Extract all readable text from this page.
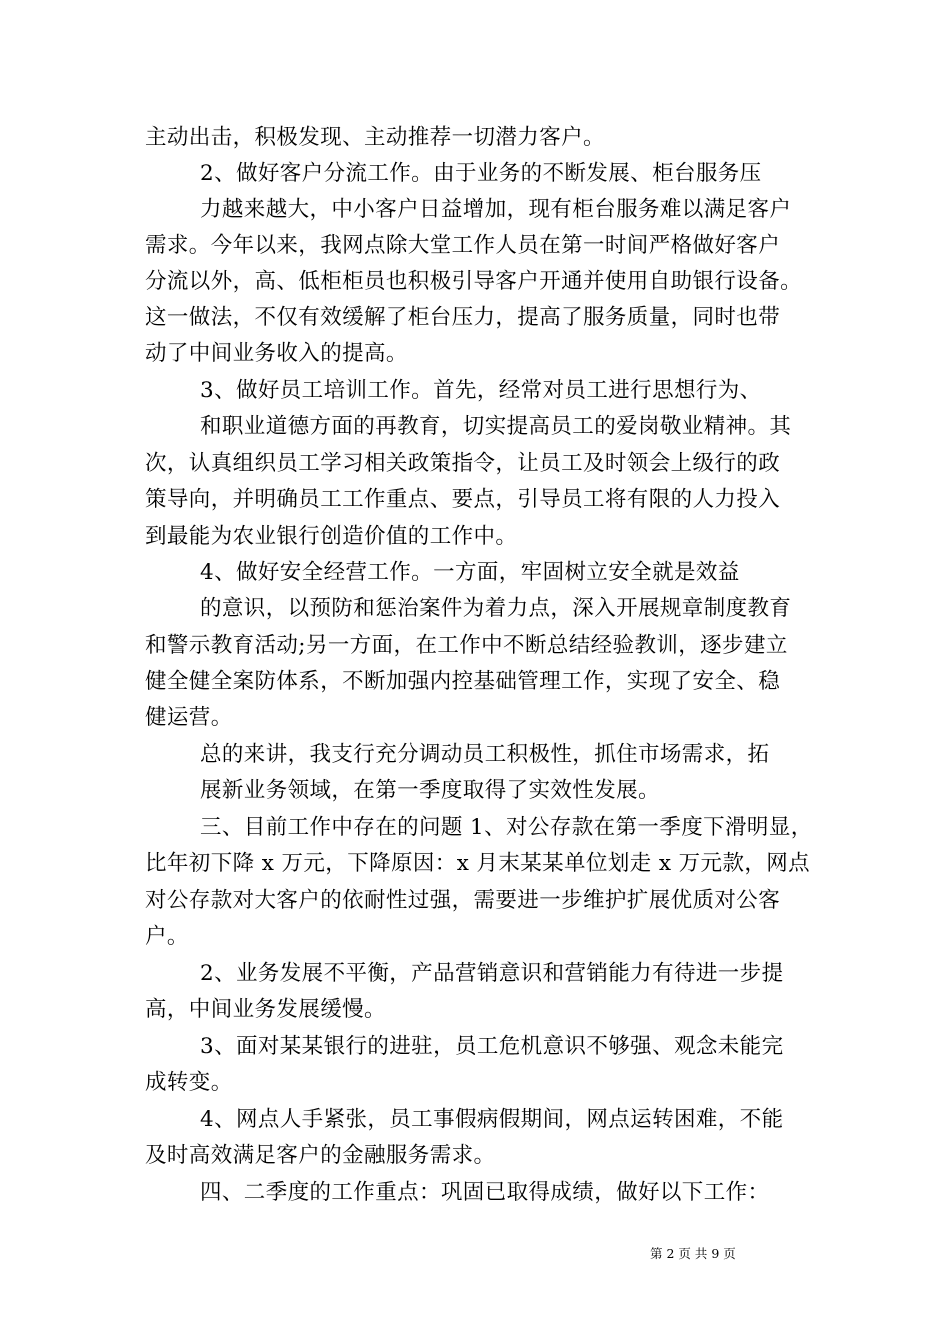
主动出击，积极发现、主动推荐一切潜力客户。
2、做好客户分流工作。由于业务的不断发展、柜台服务压
力越来越大，中小客户日益增加，现有柜台服务难以满足客户
需求。今年以来，我网点除大堂工作人员在第一时间严格做好客户
分流以外，高、低柜柜员也积极引导客户开通并使用自助银行设备。
这一做法，不仅有效缓解了柜台压力，提高了服务质量，同时也带
动了中间业务收入的提高。
3、做好员工培训工作。首先，经常对员工进行思想行为、
和职业道德方面的再教育，切实提高员工的爱岗敬业精神。其
次，认真组织员工学习相关政策指令，让员工及时领会上级行的政
策导向，并明确员工工作重点、要点，引导员工将有限的人力投入
到最能为农业银行创造价值的工作中。
4、做好安全经营工作。一方面，牢固树立安全就是效益
的意识，以预防和惩治案件为着力点，深入开展规章制度教育
和警示教育活动;另一方面，在工作中不断总结经验教训，逐步建立
健全健全案防体系，不断加强内控基础管理工作，实现了安全、稳
健运营。
总的来讲，我支行充分调动员工积极性，抓住市场需求，拓
展新业务领域，在第一季度取得了实效性发展。
三、目前工作中存在的问题 1、对公存款在第一季度下滑明显，
比年初下降 x 万元，下降原因：x 月末某某单位划走 x 万元款，网点
对公存款对大客户的依耐性过强，需要进一步维护扩展优质对公客
户。
2、业务发展不平衡，产品营销意识和营销能力有待进一步提
高，中间业务发展缓慢。
3、面对某某银行的进驻，员工危机意识不够强、观念未能完
成转变。
4、网点人手紧张，员工事假病假期间，网点运转困难，不能
及时高效满足客户的金融服务需求。
四、二季度的工作重点：巩固已取得成绩，做好以下工作：
第 2 页 共 9 页
